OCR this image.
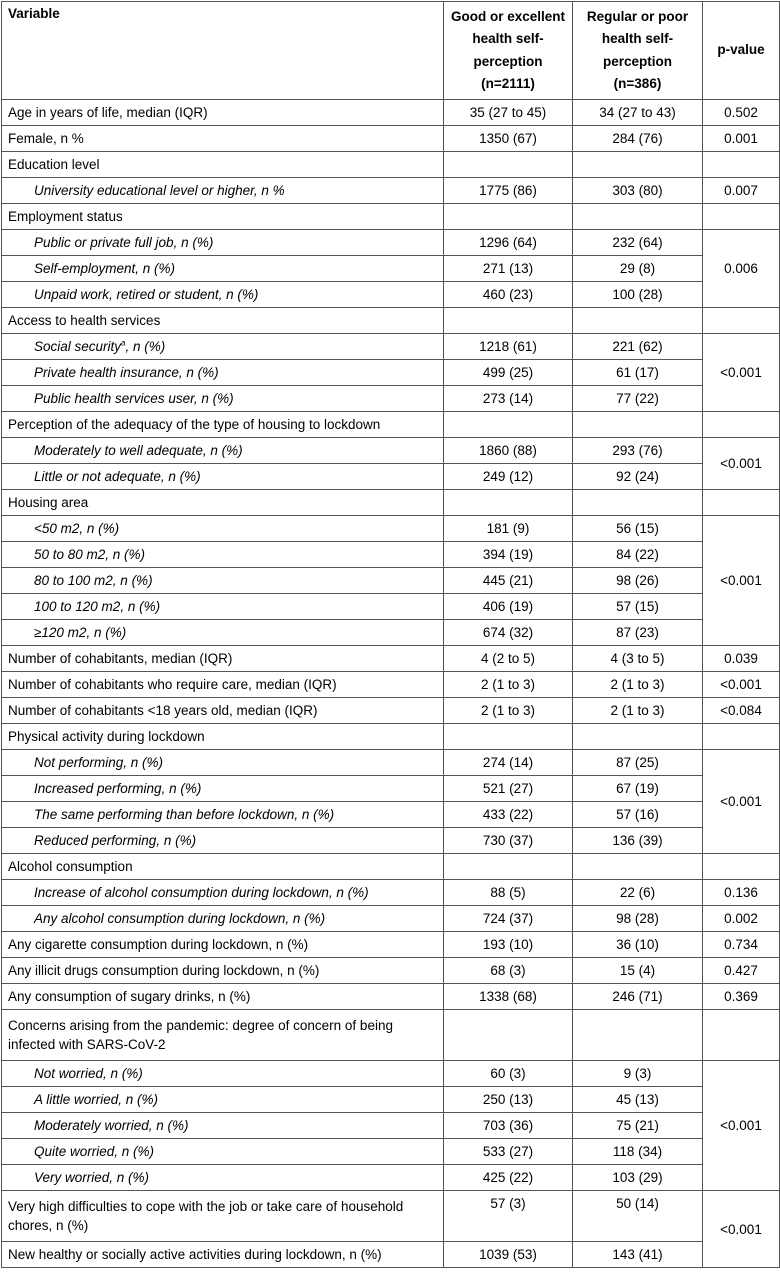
Variable	Good or excellent health self-perception (n=2111)	Regular or poor health self-perception (n=386)	p-value
Age in years of life, median (IQR)	35 (27 to 45)	34 (27 to 43)	0.502
Female, n %	1350 (67)	284 (76)	0.001
Education level			
University educational level or higher, n %	1775 (86)	303 (80)	0.007
Employment status			
Public or private full job, n (%)	1296 (64)	232 (64)	0.006
Self-employment, n (%)	271 (13)	29 (8)	
Unpaid work, retired or student, n (%)	460 (23)	100 (28)	
Access to health services			
Social security$^a$, n (%)	1218 (61)	221 (62)	<0.001
Private health insurance, n (%)	499 (25)	61 (17)	
Public health services user, n (%)	273 (14)	77 (22)	
Perception of the adequacy of the type of housing to lockdown			
Moderately to well adequate, n (%)	1860 (88)	293 (76)	<0.001
Little or not adequate, n (%)	249 (12)	92 (24)	
Housing area			
<50 m2, n (%)	181 (9)	56 (15)	<0.001
50 to 80 m2, n (%)	394 (19)	84 (22)	
80 to 100 m2, n (%)	445 (21)	98 (26)	
100 to 120 m2, n (%)	406 (19)	57 (15)	
≥120 m2, n (%)	674 (32)	87 (23)	
Number of cohabitants, median (IQR)	4 (2 to 5)	4 (3 to 5)	0.039
Number of cohabitants who require care, median (IQR)	2 (1 to 3)	2 (1 to 3)	<0.001
Number of cohabitants <18 years old, median (IQR)	2 (1 to 3)	2 (1 to 3)	<0.084
Physical activity during lockdown			
Not performing, n (%)	274 (14)	87 (25)	<0.001
Increased performing, n (%)	521 (27)	67 (19)	
The same performing than before lockdown, n (%)	433 (22)	57 (16)	
Reduced performing, n (%)	730 (37)	136 (39)	
Alcohol consumption			
Increase of alcohol consumption during lockdown, n (%)	88 (5)	22 (6)	0.136
Any alcohol consumption during lockdown, n (%)	724 (37)	98 (28)	0.002
Any cigarette consumption during lockdown, n (%)	193 (10)	36 (10)	0.734
Any illicit drugs consumption during lockdown, n (%)	68 (3)	15 (4)	0.427
Any consumption of sugary drinks, n (%)	1338 (68)	246 (71)	0.369
Concerns arising from the pandemic: degree of concern of being infected with SARS-CoV-2			
Not worried, n (%)	60 (3)	9 (3)	<0.001
A little worried, n (%)	250 (13)	45 (13)	
Moderately worried, n (%)	703 (36)	75 (21)	
Quite worried, n (%)	533 (27)	118 (34)	
Very worried, n (%)	425 (22)	103 (29)	
Very high difficulties to cope with the job or take care of household chores, n (%)	57 (3)	50 (14)	<0.001
New healthy or socially active activities during lockdown, n (%)	1039 (53)	143 (41)	
